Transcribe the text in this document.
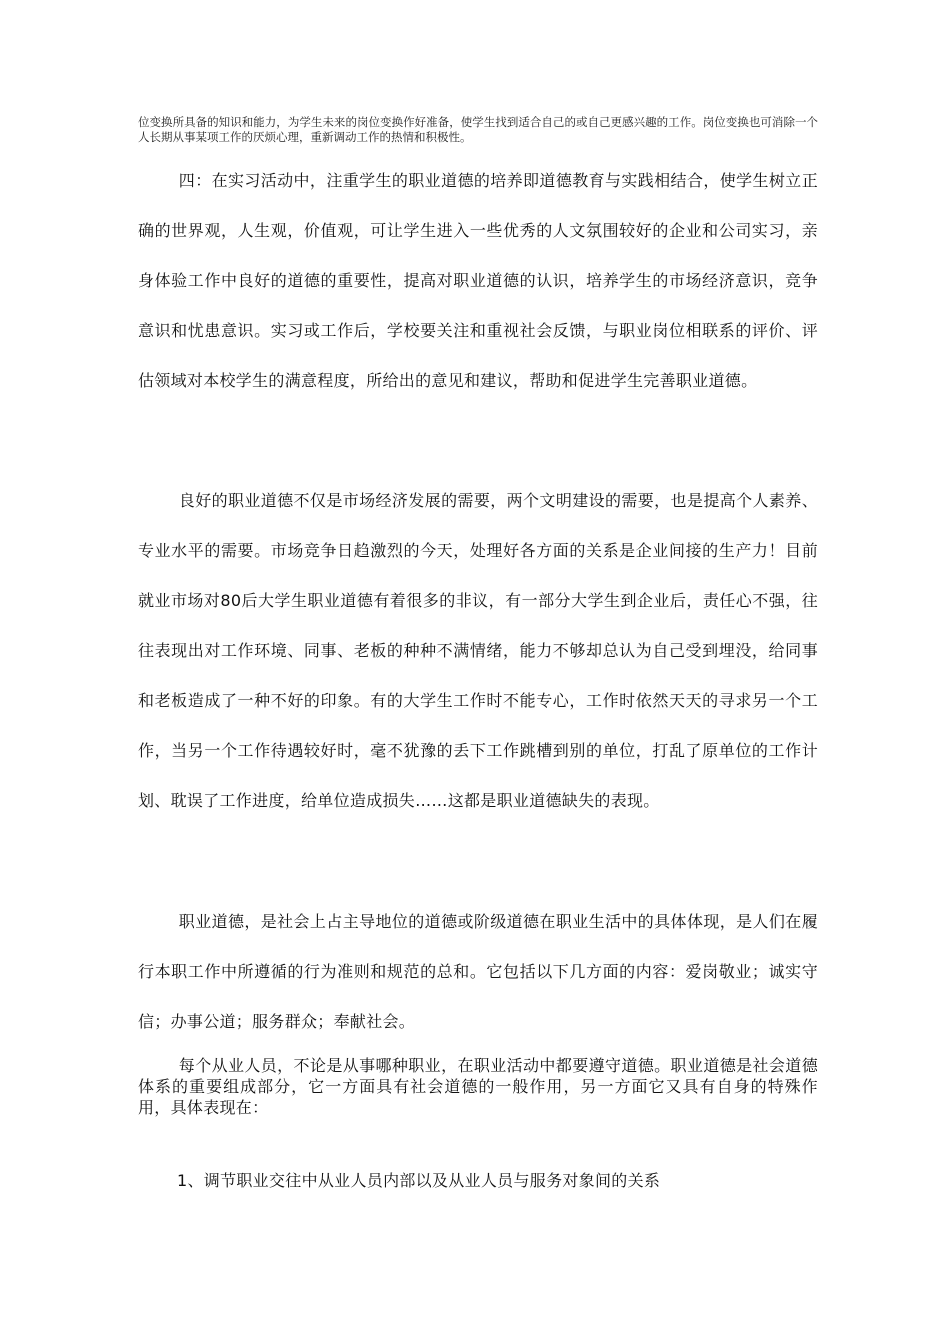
位变换所具备的知识和能力，为学生未来的岗位变换作好准备，使学生找到适合自己的或自己更感兴趣的工作。岗位变换也可消除一个人长期从事某项工作的厌烦心理，重新调动工作的热情和积极性。

四：在实习活动中，注重学生的职业道德的培养即道德教育与实践相结合，使学生树立正确的世界观，人生观，价值观，可让学生进入一些优秀的人文氛围较好的企业和公司实习，亲身体验工作中良好的道德的重要性，提高对职业道德的认识，培养学生的市场经济意识，竞争意识和忧患意识。实习或工作后，学校要关注和重视社会反馈，与职业岗位相联系的评价、评估领域对本校学生的满意程度，所给出的意见和建议，帮助和促进学生完善职业道德。

良好的职业道德不仅是市场经济发展的需要，两个文明建设的需要，也是提高个人素养、专业水平的需要。市场竞争日趋激烈的今天，处理好各方面的关系是企业间接的生产力！目前就业市场对80后大学生职业道德有着很多的非议，有一部分大学生到企业后，责任心不强，往往表现出对工作环境、同事、老板的种种不满情绪，能力不够却总认为自己受到埋没，给同事和老板造成了一种不好的印象。有的大学生工作时不能专心，工作时依然天天的寻求另一个工作，当另一个工作待遇较好时，毫不犹豫的丢下工作跳槽到别的单位，打乱了原单位的工作计划、耽误了工作进度，给单位造成损失……这都是职业道德缺失的表现。

职业道德，是社会上占主导地位的道德或阶级道德在职业生活中的具体体现，是人们在履行本职工作中所遵循的行为准则和规范的总和。它包括以下几方面的内容：爱岗敬业；诚实守信；办事公道；服务群众；奉献社会。

每个从业人员，不论是从事哪种职业，在职业活动中都要遵守道德。职业道德是社会道德体系的重要组成部分，它一方面具有社会道德的一般作用，另一方面它又具有自身的特殊作用，具体表现在：

1、调节职业交往中从业人员内部以及从业人员与服务对象间的关系
